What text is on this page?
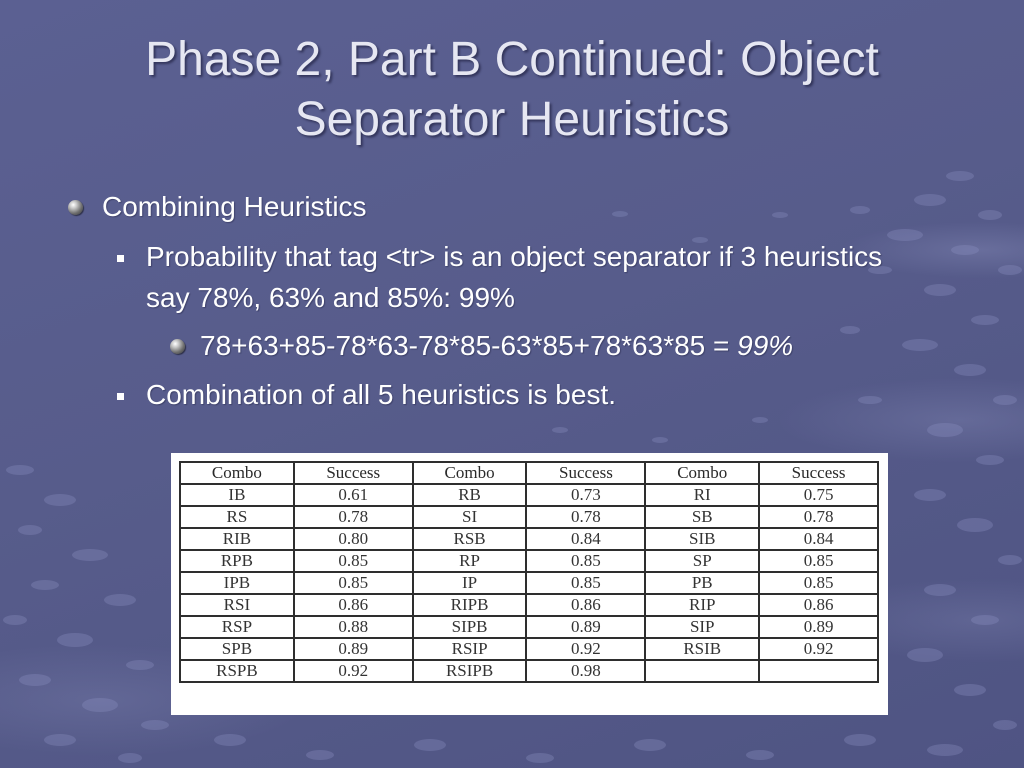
Phase 2, Part B Continued: Object Separator Heuristics
Combining Heuristics
Probability that tag <tr> is an object separator if 3 heuristics say 78%, 63% and 85%: 99%
78+63+85-78*63-78*85-63*85+78*63*85 = 99%
Combination of all 5 heuristics is best.
Combo	Success	Combo	Success	Combo	Success
IB	0.61	RB	0.73	RI	0.75
RS	0.78	SI	0.78	SB	0.78
RIB	0.80	RSB	0.84	SIB	0.84
RPB	0.85	RP	0.85	SP	0.85
IPB	0.85	IP	0.85	PB	0.85
RSI	0.86	RIPB	0.86	RIP	0.86
RSP	0.88	SIPB	0.89	SIP	0.89
SPB	0.89	RSIP	0.92	RSIB	0.92
RSPB	0.92	RSIPB	0.98		
